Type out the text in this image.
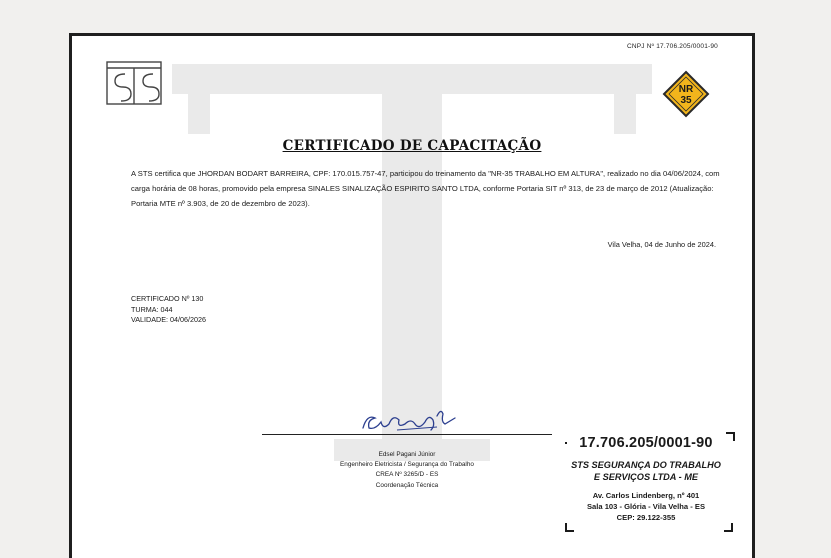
CNPJ Nº 17.706.205/0001-90
NR
35
CERTIFICADO DE CAPACITAÇÃO
A STS certifica que JHORDAN BODART BARREIRA, CPF: 170.015.757-47, participou do treinamento da "NR-35 TRABALHO EM ALTURA", realizado no dia 04/06/2024, com carga horária de 08 horas, promovido pela empresa SINALES SINALIZAÇÃO ESPIRITO SANTO LTDA, conforme Portaria SIT nº 313, de 23 de março de 2012 (Atualização: Portaria MTE nº 3.903, de 20 de dezembro de 2023).
Vila Velha, 04 de Junho de 2024.
CERTIFICADO Nº 130
TURMA: 044
VALIDADE: 04/06/2026
Edsel Pagani Júnior
Engenheiro Eletricista / Segurança do Trabalho
CREA Nº 3265/D - ES
Coordenação Técnica
17.706.205/0001-90
STS SEGURANÇA DO TRABALHO
E SERVIÇOS LTDA - ME
Av. Carlos Lindenberg, nº 401
Sala 103 - Glória - Vila Velha - ES
CEP: 29.122-355
